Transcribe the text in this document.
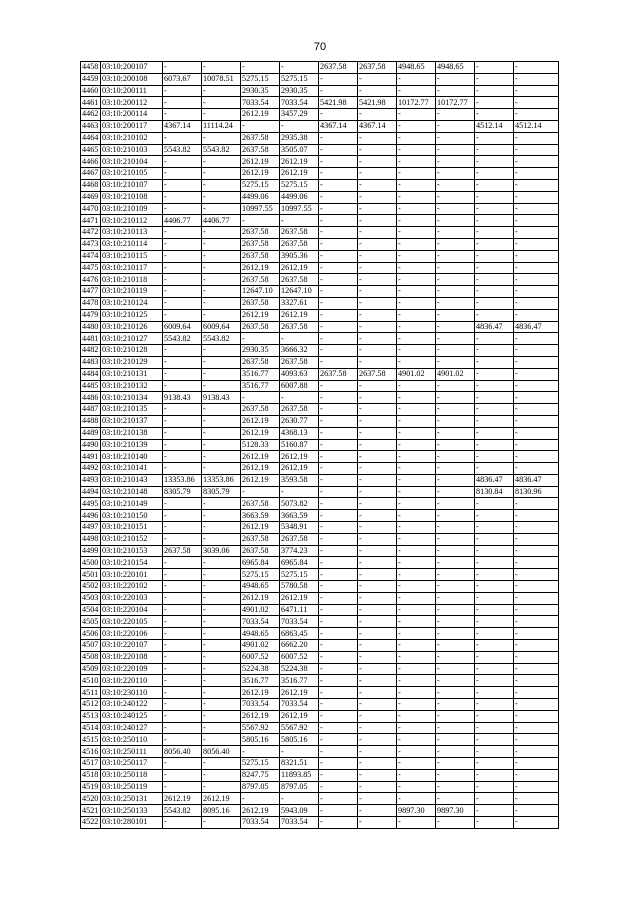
70
4458	03:10:200107	-	-	-	-	2637.58	2637.58	4948.65	4948.65	-	-
4459	03:10:200108	6073.67	10078.51	5275.15	5275.15	-	-	-	-	-	-
4460	03:10:200111	-	-	2930.35	2930.35	-	-	-	-	-	-
4461	03:10:200112	-	-	7033.54	7033.54	5421.98	5421.98	10172.77	10172.77	-	-
4462	03:10:200114	-	-	2612.19	3457.29	-	-	-	-	-	-
4463	03:10:200117	4367.14	11114.24	-	-	4367.14	4367.14	-	-	4512.14	4512.14
4464	03:10:210102	-	-	2637.58	2935.38	-	-	-	-	-	-
4465	03:10:210103	5543.82	5543.82	2637.58	3505.07	-	-	-	-	-	-
4466	03:10:210104	-	-	2612.19	2612.19	-	-	-	-	-	-
4467	03:10:210105	-	-	2612.19	2612.19	-	-	-	-	-	-
4468	03:10:210107	-	-	5275.15	5275.15	-	-	-	-	-	-
4469	03:10:210108	-	-	4499.06	4499.06	-	-	-	-	-	-
4470	03:10:210109	-	-	10997.55	10997.55	-	-	-	-	-	-
4471	03:10:210112	4406.77	4406.77	-	-	-	-	-	-	-	-
4472	03:10:210113	-	-	2637.58	2637.58	-	-	-	-	-	-
4473	03:10:210114	-	-	2637.58	2637.58	-	-	-	-	-	-
4474	03:10:210115	-	-	2637.58	3905.36	-	-	-	-	-	-
4475	03:10:210117	-	-	2612.19	2612.19	-	-	-	-	-	-
4476	03:10:210118	-	-	2637.58	2637.58	-	-	-	-	-	-
4477	03:10:210119	-	-	12647.10	12647.10	-	-	-	-	-	-
4478	03:10:210124	-	-	2637.58	3327.61	-	-	-	-	-	-
4479	03:10:210125	-	-	2612.19	2612.19	-	-	-	-	-	-
4480	03:10:210126	6009.64	6009.64	2637.58	2637.58	-	-	-	-	4836.47	4836.47
4481	03:10:210127	5543.82	5543.82	-	-	-	-	-	-	-	-
4482	03:10:210128	-	-	2930.35	3666.32	-	-	-	-	-	-
4483	03:10:210129	-	-	2637.58	2637.58	-	-	-	-	-	-
4484	03:10:210131	-	-	3516.77	4093.63	2637.58	2637.58	4901.02	4901.02	-	-
4485	03:10:210132	-	-	3516.77	6007.88	-	-	-	-	-	-
4486	03:10:210134	9138.43	9138.43	-	-	-	-	-	-	-	-
4487	03:10:210135	-	-	2637.58	2637.58	-	-	-	-	-	-
4488	03:10:210137	-	-	2612.19	2630.77	-	-	-	-	-	-
4489	03:10:210138	-	-	2612.19	4368.13	-	-	-	-	-	-
4490	03:10:210139	-	-	5128.33	5160.87	-	-	-	-	-	-
4491	03:10:210140	-	-	2612.19	2612.19	-	-	-	-	-	-
4492	03:10:210141	-	-	2612.19	2612.19	-	-	-	-	-	-
4493	03:10:210143	13353.86	13353.86	2612.19	3593.58	-	-	-	-	4836.47	4836.47
4494	03:10:210148	8305.79	8305.79	-	-	-	-	-	-	8130.84	8130.96
4495	03:10:210149	-	-	2637.58	5073.82	-	-	-	-	-	-
4496	03:10:210150	-	-	3663.59	3663.59	-	-	-	-	-	-
4497	03:10:210151	-	-	2612.19	5348.91	-	-	-	-	-	-
4498	03:10:210152	-	-	2637.58	2637.58	-	-	-	-	-	-
4499	03:10:210153	2637.58	3039.06	2637.58	3774.23	-	-	-	-	-	-
4500	03:10:210154	-	-	6965.84	6965.84	-	-	-	-	-	-
4501	03:10:220101	-	-	5275.15	5275.15	-	-	-	-	-	-
4502	03:10:220102	-	-	4948.65	5780.58	-	-	-	-	-	-
4503	03:10:220103	-	-	2612.19	2612.19	-	-	-	-	-	-
4504	03:10:220104	-	-	4901.02	6471.11	-	-	-	-	-	-
4505	03:10:220105	-	-	7033.54	7033.54	-	-	-	-	-	-
4506	03:10:220106	-	-	4948.65	6863.45	-	-	-	-	-	-
4507	03:10:220107	-	-	4901.02	6662.20	-	-	-	-	-	-
4508	03:10:220108	-	-	6007.52	6007.52	-	-	-	-	-	-
4509	03:10:220109	-	-	5224.38	5224.38	-	-	-	-	-	-
4510	03:10:220110	-	-	3516.77	3516.77	-	-	-	-	-	-
4511	03:10:230110	-	-	2612.19	2612.19	-	-	-	-	-	-
4512	03:10:240122	-	-	7033.54	7033.54	-	-	-	-	-	-
4513	03:10:240125	-	-	2612.19	2612.19	-	-	-	-	-	-
4514	03:10:240127	-	-	5567.92	5567.92	-	-	-	-	-	-
4515	03:10:250110	-	-	5805.16	5805.16	-	-	-	-	-	-
4516	03:10:250111	8056.40	8056.40	-	-	-	-	-	-	-	-
4517	03:10:250117	-	-	5275.15	8321.51	-	-	-	-	-	-
4518	03:10:250118	-	-	8247.75	11893.85	-	-	-	-	-	-
4519	03:10:250119	-	-	8797.05	8797.05	-	-	-	-	-	-
4520	03:10:250131	2612.19	2612.19	-	-	-	-	-	-	-	-
4521	03:10:250133	5543.82	8095.16	2612.19	5943.09	-	-	9897.30	9897.30	-	-
4522	03:10:280101	-	-	7033.54	7033.54	-	-	-	-	-	-
